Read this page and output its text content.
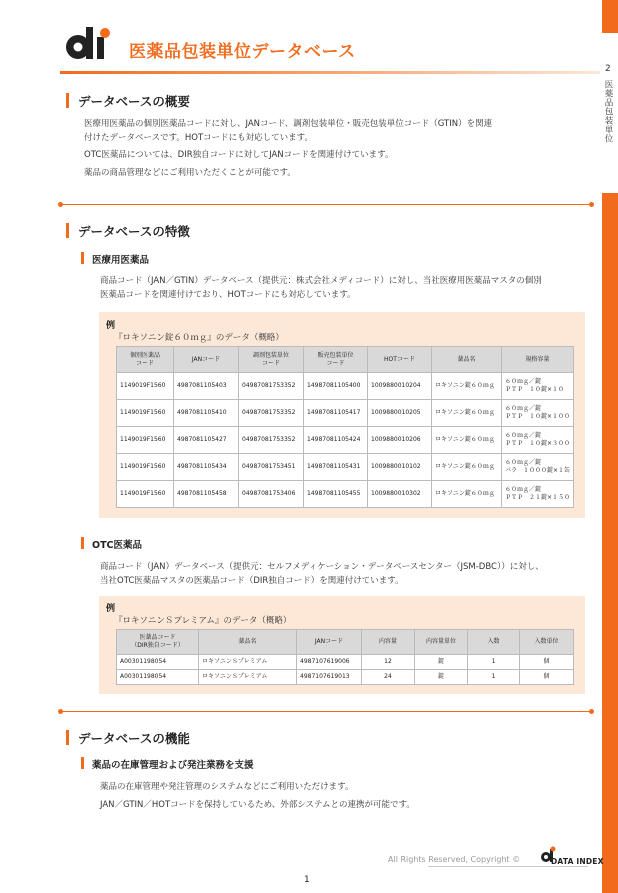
2
医薬品包装単位
医薬品包装単位データベース
データベースの概要
医療用医薬品の個別医薬品コードに対し、JANコード、調剤包装単位・販売包装単位コード（GTIN）を関連
付けたデータベースです。HOTコードにも対応しています。
OTC医薬品については、DIR独自コードに対してJANコードを関連付けています。
薬品の商品管理などにご利用いただくことが可能です。
データベースの特徴
医療用医薬品
商品コード（JAN／GTIN）データベース（提供元：株式会社メディコード）に対し、当社医療用医薬品マスタの個別
医薬品コードを関連付けており、HOTコードにも対応しています。
例
『ロキソニン錠６０ｍｇ』のデータ（概略）
個別医薬品
コード	JANコード	調剤包装単位
コード	販売包装単位
コード	HOTコード	薬品名	規格容量
1149019F1560	4987081105403	04987081753352	14987081105400	1009880010204	ロキソニン錠６０ｍｇ	６０ｍｇ／錠
ＰＴＰ　１０錠×１０
1149019F1560	4987081105410	04987081753352	14987081105417	1009880010205	ロキソニン錠６０ｍｇ	６０ｍｇ／錠
ＰＴＰ　１０錠×１００
1149019F1560	4987081105427	04987081753352	14987081105424	1009880010206	ロキソニン錠６０ｍｇ	６０ｍｇ／錠
ＰＴＰ　１０錠×３００
1149019F1560	4987081105434	04987081753451	14987081105431	1009880010102	ロキソニン錠６０ｍｇ	６０ｍｇ／錠
バラ　１０００錠×１缶
1149019F1560	4987081105458	04987081753406	14987081105455	1009880010302	ロキソニン錠６０ｍｇ	６０ｍｇ／錠
ＰＴＰ　２１錠×１５０
OTC医薬品
商品コード（JAN）データベース（提供元：セルフメディケーション・データベースセンター（JSM-DBC））に対し、
当社OTC医薬品マスタの医薬品コード（DIR独自コード）を関連付けています。
例
『ロキソニンＳプレミアム』のデータ（概略）
医薬品コード
（DIR独自コード）	薬品名	JANコード	内容量	内容量単位	入数	入数単位
A00301198054	ロキソニンＳプレミアム	4987107619006	12	錠	1	個
A00301198054	ロキソニンＳプレミアム	4987107619013	24	錠	1	個
データベースの機能
薬品の在庫管理および発注業務を支援
薬品の在庫管理や発注管理のシステムなどにご利用いただけます。
JAN／GTIN／HOTコードを保持しているため、外部システムとの連携が可能です。
All Rights Reserved, Copyright ©	DATA INDEX
1
